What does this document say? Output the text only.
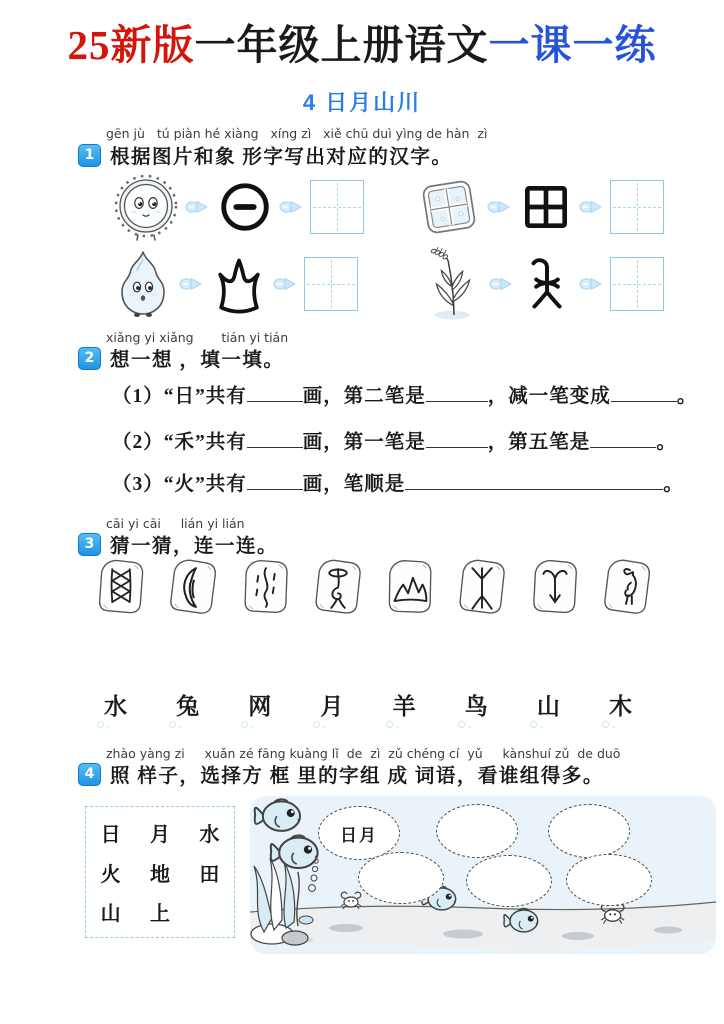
25新版一年级上册语文一课一练
4 日月山川
gēn jù   tú piàn hé xiàng   xíng zì   xiě chū duì yìng de hàn  zì
1 根据图片和象 形字写出对应的汉字。
xiǎng yi xiǎng       tián yi tián
2 想一想 ，填一填。
（1）“日”共有	画，第二笔是	，减一笔变成	。
（2）“禾”共有	画，第一笔是	，第五笔是	。
（3）“火”共有	画，笔顺是	。
cāi yi cāi     lián yi lián
3 猜一猜，连一连。
水 兔 网 月 羊 鸟 山 木
zhào yàng zi     xuǎn zé fāng kuàng lǐ  de  zì  zǔ chéng cí  yǔ     kànshuí zǔ  de duō
4 照 样子，选择方 框 里的字组 成 词语，看谁组得多。
日 月 水
火 地 田
山 上
日月
